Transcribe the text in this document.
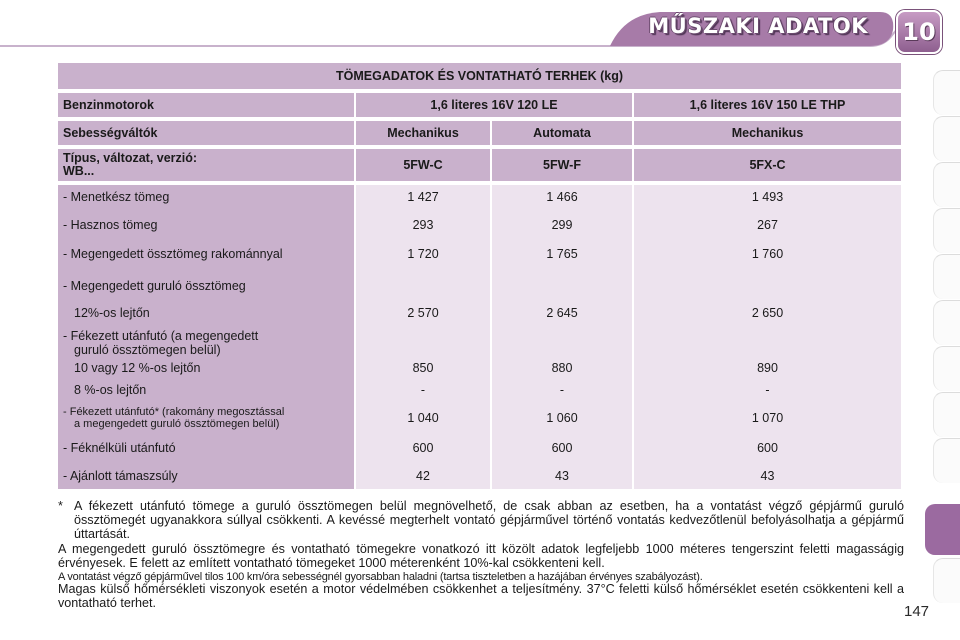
MŰSZAKI ADATOK 10
TÖMEGADATOK ÉS VONTATHATÓ TERHEK (kg)
Benzinmotorok	1,6 literes 16V 120 LE	1,6 literes 16V 150 LE THP
Sebességváltók	Mechanikus	Automata	Mechanikus
Típus, változat, verzió:
WB...	5FW-C	5FW-F	5FX-C
- Menetkész tömeg	1 427	1 466	1 493
- Hasznos tömeg	293	299	267
- Megengedett össztömeg rakománnyal	1 720	1 765	1 760
- Megengedett guruló össztömeg
12%-os lejtőn	2 570	2 645	2 650
- Fékezett utánfutó (a megengedett
guruló össztömegen belül)
10 vagy 12 %-os lejtőn	850	880	890
8 %-os lejtőn	-	-	-
- Fékezett utánfutó* (rakomány megosztással
a megengedett guruló össztömegen belül)	1 040	1 060	1 070
- Féknélküli utánfutó	600	600	600
- Ajánlott támaszsúly	42	43	43
* A fékezett utánfutó tömege a guruló össztömegen belül megnövelhető, de csak abban az esetben, ha a vontatást végző gépjármű guruló össztömegét ugyanakkora súllyal csökkenti. A kevéssé megterhelt vontató gépjárművel történő vontatás kedvezőtlenül befolyásolhatja a gépjármű úttartását.
A megengedett guruló össztömegre és vontatható tömegekre vonatkozó itt közölt adatok legfeljebb 1000 méteres tengerszint feletti magasságig érvényesek. E felett az említett vontatható tömegeket 1000 méterenként 10%-kal csökkenteni kell.
A vontatást végző gépjárművel tilos 100 km/óra sebességnél gyorsabban haladni (tartsa tiszteletben a hazájában érvényes szabályozást).
Magas külső hőmérsékleti viszonyok esetén a motor védelmében csökkenhet a teljesítmény. 37°C feletti külső hőmérséklet esetén csökkenteni kell a vontatható terhet.	147
